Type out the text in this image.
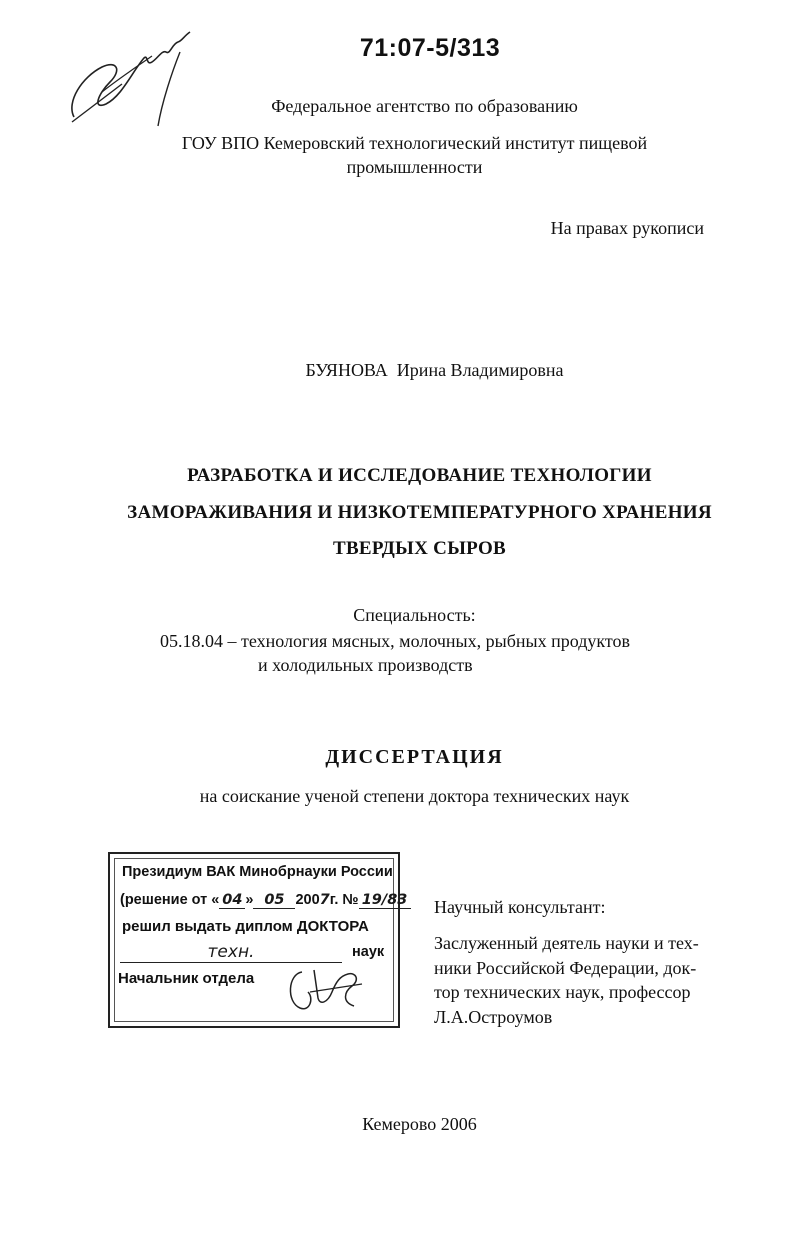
71:07-5/313
Федеральное агентство по образованию
ГОУ ВПО Кемеровский технологический институт пищевой
промышленности
На правах рукописи
БУЯНОВА  Ирина Владимировна
РАЗРАБОТКА И ИССЛЕДОВАНИЕ ТЕХНОЛОГИИ
ЗАМОРАЖИВАНИЯ И НИЗКОТЕМПЕРАТУРНОГО ХРАНЕНИЯ
ТВЕРДЫХ СЫРОВ
Специальность:
05.18.04 – технология мясных, молочных, рыбных продуктов
и холодильных производств
ДИССЕРТАЦИЯ
на соискание ученой степени доктора технических наук
Президиум ВАК Минобрнауки России
(решение от « 04 » 05 2007г. № 19/83
решил выдать диплом ДОКТОРА
техн.	наук
Начальник отдела
Научный консультант:
Заслуженный деятель науки и тех-
ники Российской Федерации, док-
тор технических наук, профессор
Л.А.Остроумов
Кемерово 2006
